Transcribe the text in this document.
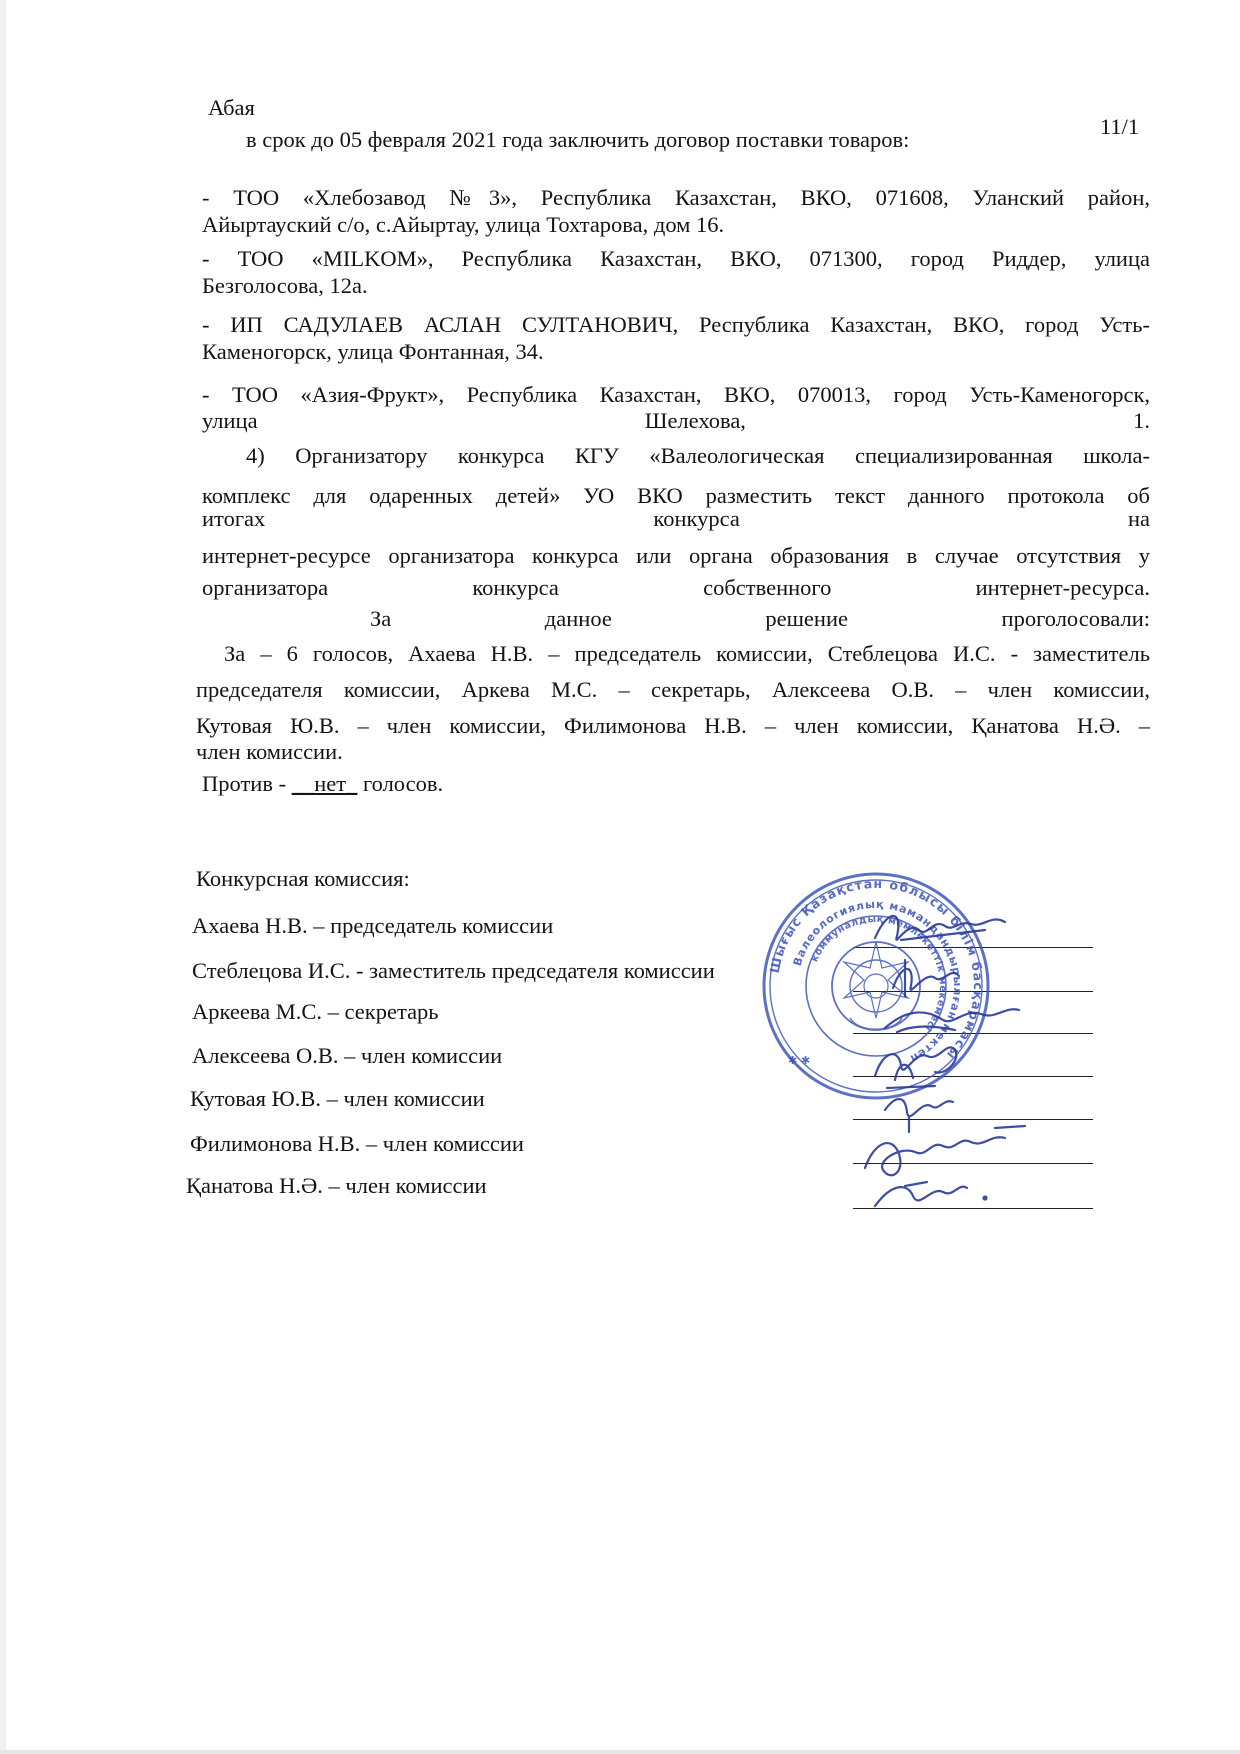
11/1
Абая
в срок до 05 февраля 2021 года заключить договор поставки товаров:
- ТОО «Хлебозавод №3», Республика Казахстан, ВКО, 071608, Уланский район,
Айыртауский с/о, с.Айыртау, улица Тохтарова, дом 16.
- ТОО «MILKOM», Республика Казахстан, ВКО, 071300, город Риддер, улица
Безголосова, 12а.
- ИП САДУЛАЕВ АСЛАН СУЛТАНОВИЧ, Республика Казахстан, ВКО, город Усть-
Каменогорск, улица Фонтанная, 34.
- ТОО «Азия-Фрукт», Республика Казахстан, ВКО, 070013, город Усть-Каменогорск,
улица Шелехова, 1.
4) Организатору конкурса КГУ «Валеологическая специализированная школа-
комплекс для одаренных детей» УО ВКО разместить текст данного протокола об
итогах конкурса на
интернет-ресурсе организатора конкурса или органа образования в случае отсутствия у
организатора конкурса собственного интернет-ресурса.
За данное решение проголосовали:
За – 6 голосов, Ахаева Н.В. – председатель комиссии, Стеблецова И.С. - заместитель
председателя комиссии, Аркева М.С. – секретарь, Алексеева О.В. – член комиссии,
Кутовая Ю.В. – член комиссии, Филимонова Н.В. – член комиссии, Қанатова Н.Ә. –
член комиссии.
Против - __нет_ голосов.
Конкурсная комиссия:
Ахаева Н.В. – председатель комиссии
Стеблецова И.С. - заместитель председателя комиссии
Аркеева М.С. – секретарь
Алексеева О.В. – член комиссии
Кутовая Ю.В. – член комиссии
Филимонова Н.В. – член комиссии
Қанатова Н.Ә. – член комиссии
Шығыс Қазақстан облысы білім басқармасы
Валеологиялық мамандандырылған мектеп
коммуналдық мемлекеттік мекемесі
✱ ✱
